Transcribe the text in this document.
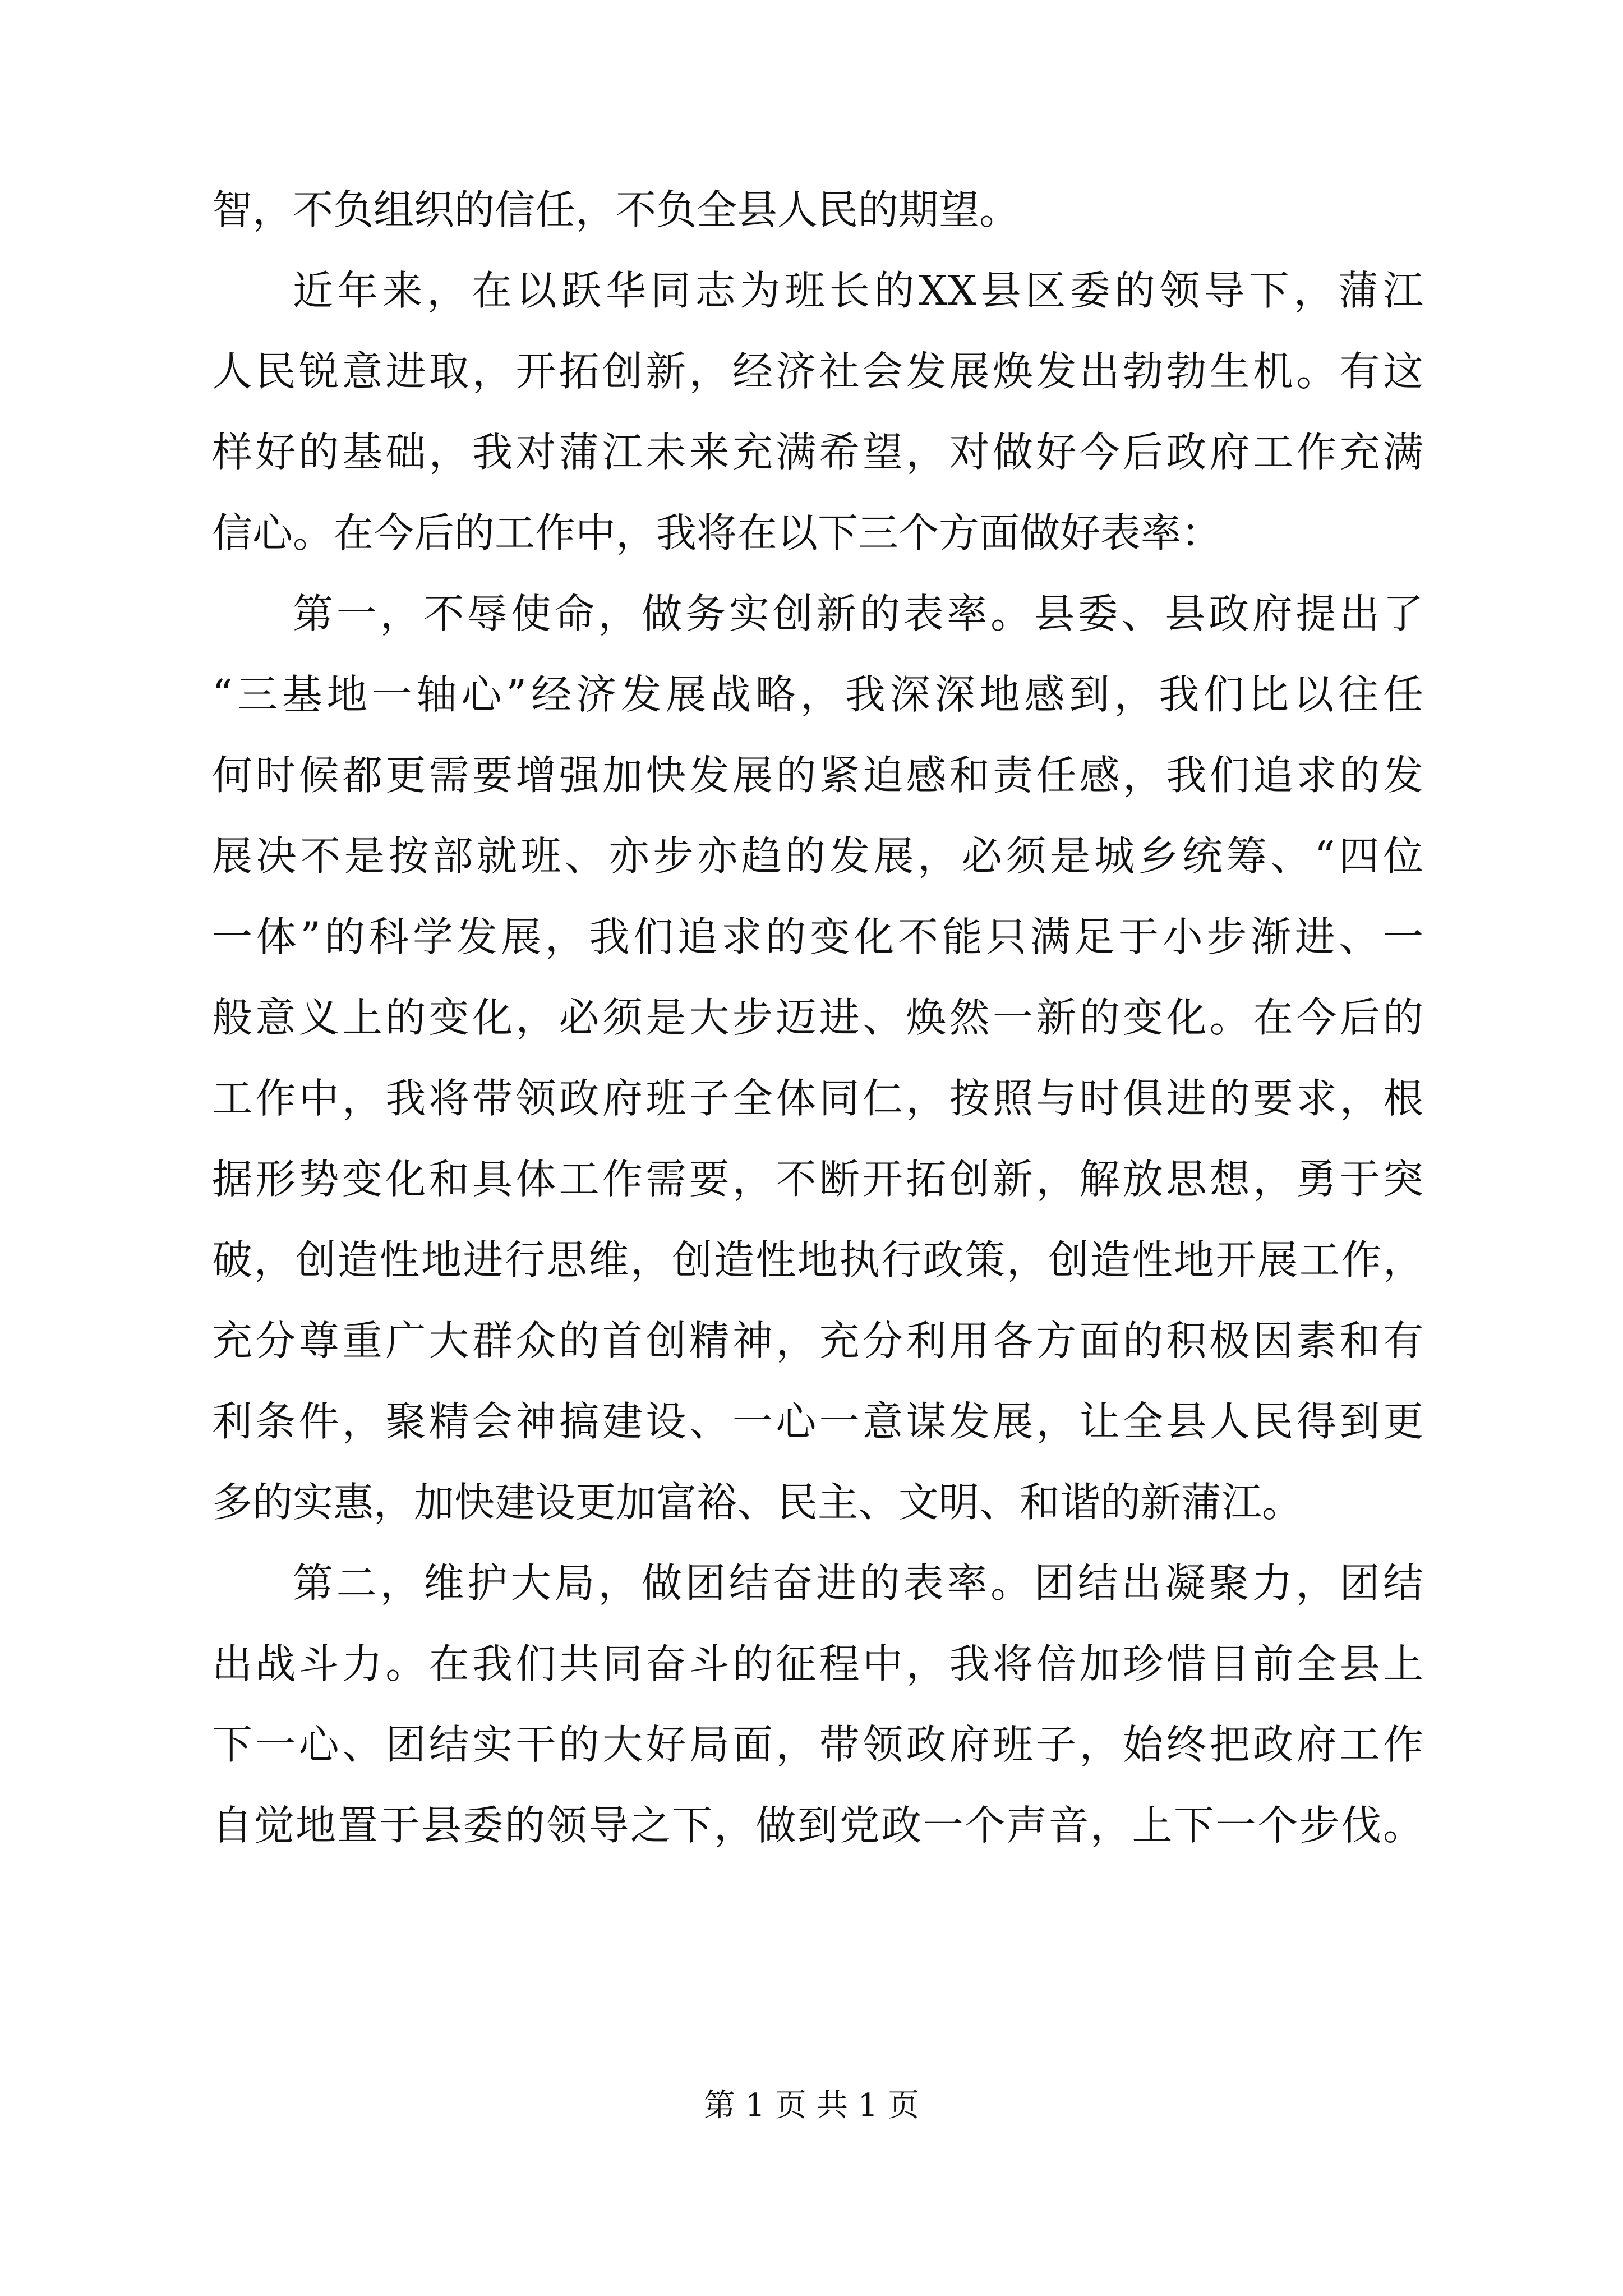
智，不负组织的信任，不负全县人民的期望。
近年来，在以跃华同志为班长的XX县区委的领导下，蒲江
人民锐意进取，开拓创新，经济社会发展焕发出勃勃生机。有这
样好的基础，我对蒲江未来充满希望，对做好今后政府工作充满
信心。在今后的工作中，我将在以下三个方面做好表率：
第一，不辱使命，做务实创新的表率。县委、县政府提出了
“三基地一轴心”经济发展战略，我深深地感到，我们比以往任
何时候都更需要增强加快发展的紧迫感和责任感，我们追求的发
展决不是按部就班、亦步亦趋的发展，必须是城乡统筹、“四位
一体”的科学发展，我们追求的变化不能只满足于小步渐进、一
般意义上的变化，必须是大步迈进、焕然一新的变化。在今后的
工作中，我将带领政府班子全体同仁，按照与时俱进的要求，根
据形势变化和具体工作需要，不断开拓创新，解放思想，勇于突
破，创造性地进行思维，创造性地执行政策，创造性地开展工作，
充分尊重广大群众的首创精神，充分利用各方面的积极因素和有
利条件，聚精会神搞建设、一心一意谋发展，让全县人民得到更
多的实惠，加快建设更加富裕、民主、文明、和谐的新蒲江。
第二，维护大局，做团结奋进的表率。团结出凝聚力，团结
出战斗力。在我们共同奋斗的征程中，我将倍加珍惜目前全县上
下一心、团结实干的大好局面，带领政府班子，始终把政府工作
自觉地置于县委的领导之下，做到党政一个声音，上下一个步伐。
第 1 页 共 1 页
